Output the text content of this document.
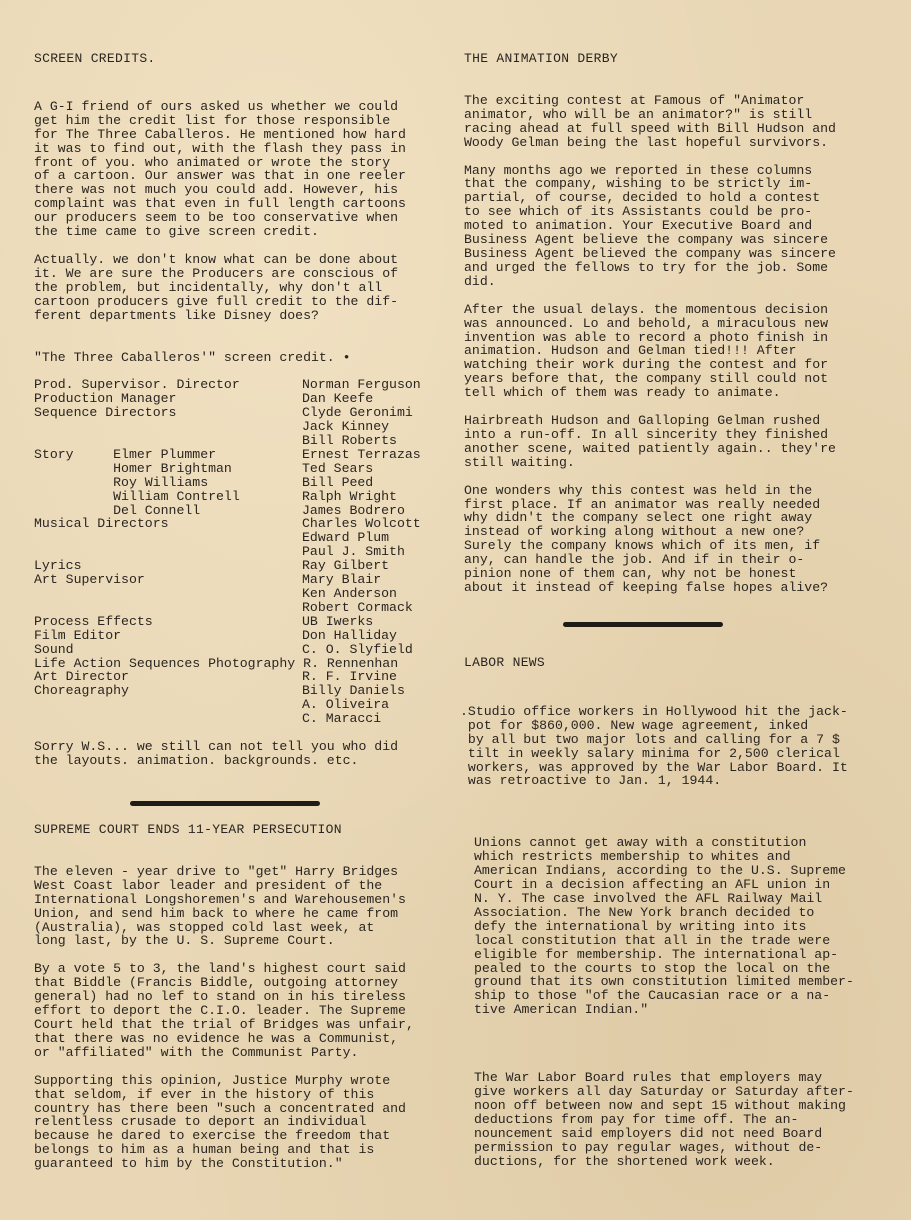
SCREEN CREDITS.

A G-I friend of ours asked us whether we could

get him the credit list for those responsible

for The Three Caballeros. He mentioned how hard

it was to find out, with the flash they pass in

front of you. who animated or wrote the story

of a cartoon. Our answer was that in one reeler

there was not much you could add. However, his

complaint was that even in full length cartoons

our producers seem to be too conservative when

the time came to give screen credit.

Actually. we don't know what can be done about

it. We are sure the Producers are conscious of

the problem, but incidentally, why don't all

cartoon producers give full credit to the dif-

ferent departments like Disney does?

"The Three Caballeros'" screen credit. •

Prod. Supervisor. Director	Norman Ferguson
Production Manager	Dan Keefe
Sequence Directors	Clyde Geronimi
Jack Kinney
Bill Roberts
Story     Elmer Plummer	Ernest Terrazas
Homer Brightman	Ted Sears
Roy Williams	Bill Peed
William Contrell	Ralph Wright
Del Connell	James Bodrero
Musical Directors	Charles Wolcott
Edward Plum
Paul J. Smith
Lyrics	Ray Gilbert
Art Supervisor	Mary Blair
Ken Anderson
Robert Cormack
Process Effects	UB Iwerks
Film Editor	Don Halliday
Sound	C. O. Slyfield
Life Action Sequences Photography R. Rennenhan
Art Director	R. F. Irvine
Choreagraphy	Billy Daniels
A. Oliveira
C. Maracci

Sorry W.S... we still can not tell you who did

the layouts. animation. backgrounds. etc.

SUPREME COURT ENDS 11-YEAR PERSECUTION

The eleven - year drive to "get" Harry Bridges

West Coast labor leader and president of the

International Longshoremen's and Warehousemen's

Union, and send him back to where he came from

(Australia), was stopped cold last week, at

long last, by the U. S. Supreme Court.

By a vote 5 to 3, the land's highest court said

that Biddle (Francis Biddle, outgoing attorney

general) had no lef to stand on in his tireless

effort to deport the C.I.O. leader. The Supreme

Court held that the trial of Bridges was unfair,

that there was no evidence he was a Communist,

or "affiliated" with the Communist Party.

Supporting this opinion, Justice Murphy wrote

that seldom, if ever in the history of this

country has there been "such a concentrated and

relentless crusade to deport an individual

because he dared to exercise the freedom that

belongs to him as a human being and that is

guaranteed to him by the Constitution."

THE ANIMATION DERBY

The exciting contest at Famous of "Animator

animator, who will be an animator?" is still

racing ahead at full speed with Bill Hudson and

Woody Gelman being the last hopeful survivors.

Many months ago we reported in these columns

that the company, wishing to be strictly im-

partial, of course, decided to hold a contest

to see which of its Assistants could be pro-

moted to animation. Your Executive Board and

Business Agent believe the company was sincere

Business Agent believed the company was sincere

and urged the fellows to try for the job. Some

did.

After the usual delays. the momentous decision

was announced. Lo and behold, a miraculous new

invention was able to record a photo finish in

animation. Hudson and Gelman tied!!! After

watching their work during the contest and for

years before that, the company still could not

tell which of them was ready to animate.

Hairbreath Hudson and Galloping Gelman rushed

into a run-off. In all sincerity they finished

another scene, waited patiently again.. they're

still waiting.

One wonders why this contest was held in the

first place. If an animator was really needed

why didn't the company select one right away

instead of working along without a new one?

Surely the company knows which of its men, if

any, can handle the job. And if in their o-

pinion none of them can, why not be honest

about it instead of keeping false hopes alive?

LABOR NEWS

.Studio office workers in Hollywood hit the jack-

pot for $860,000. New wage agreement, inked

by all but two major lots and calling for a 7 $

tilt in weekly salary minima for 2,500 clerical

workers, was approved by the War Labor Board. It

was retroactive to Jan. 1, 1944.

Unions cannot get away with a constitution

which restricts membership to whites and

American Indians, according to the U.S. Supreme

Court in a decision affecting an AFL union in

N. Y. The case involved the AFL Railway Mail

Association. The New York branch decided to

defy the international by writing into its

local constitution that all in the trade were

eligible for membership. The international ap-

pealed to the courts to stop the local on the

ground that its own constitution limited member-

ship to those "of the Caucasian race or a na-

tive American Indian."

The War Labor Board rules that employers may

give workers all day Saturday or Saturday after-

noon off between now and sept 15 without making

deductions from pay for time off. The an-

nouncement said employers did not need Board

permission to pay regular wages, without de-

ductions, for the shortened work week.
